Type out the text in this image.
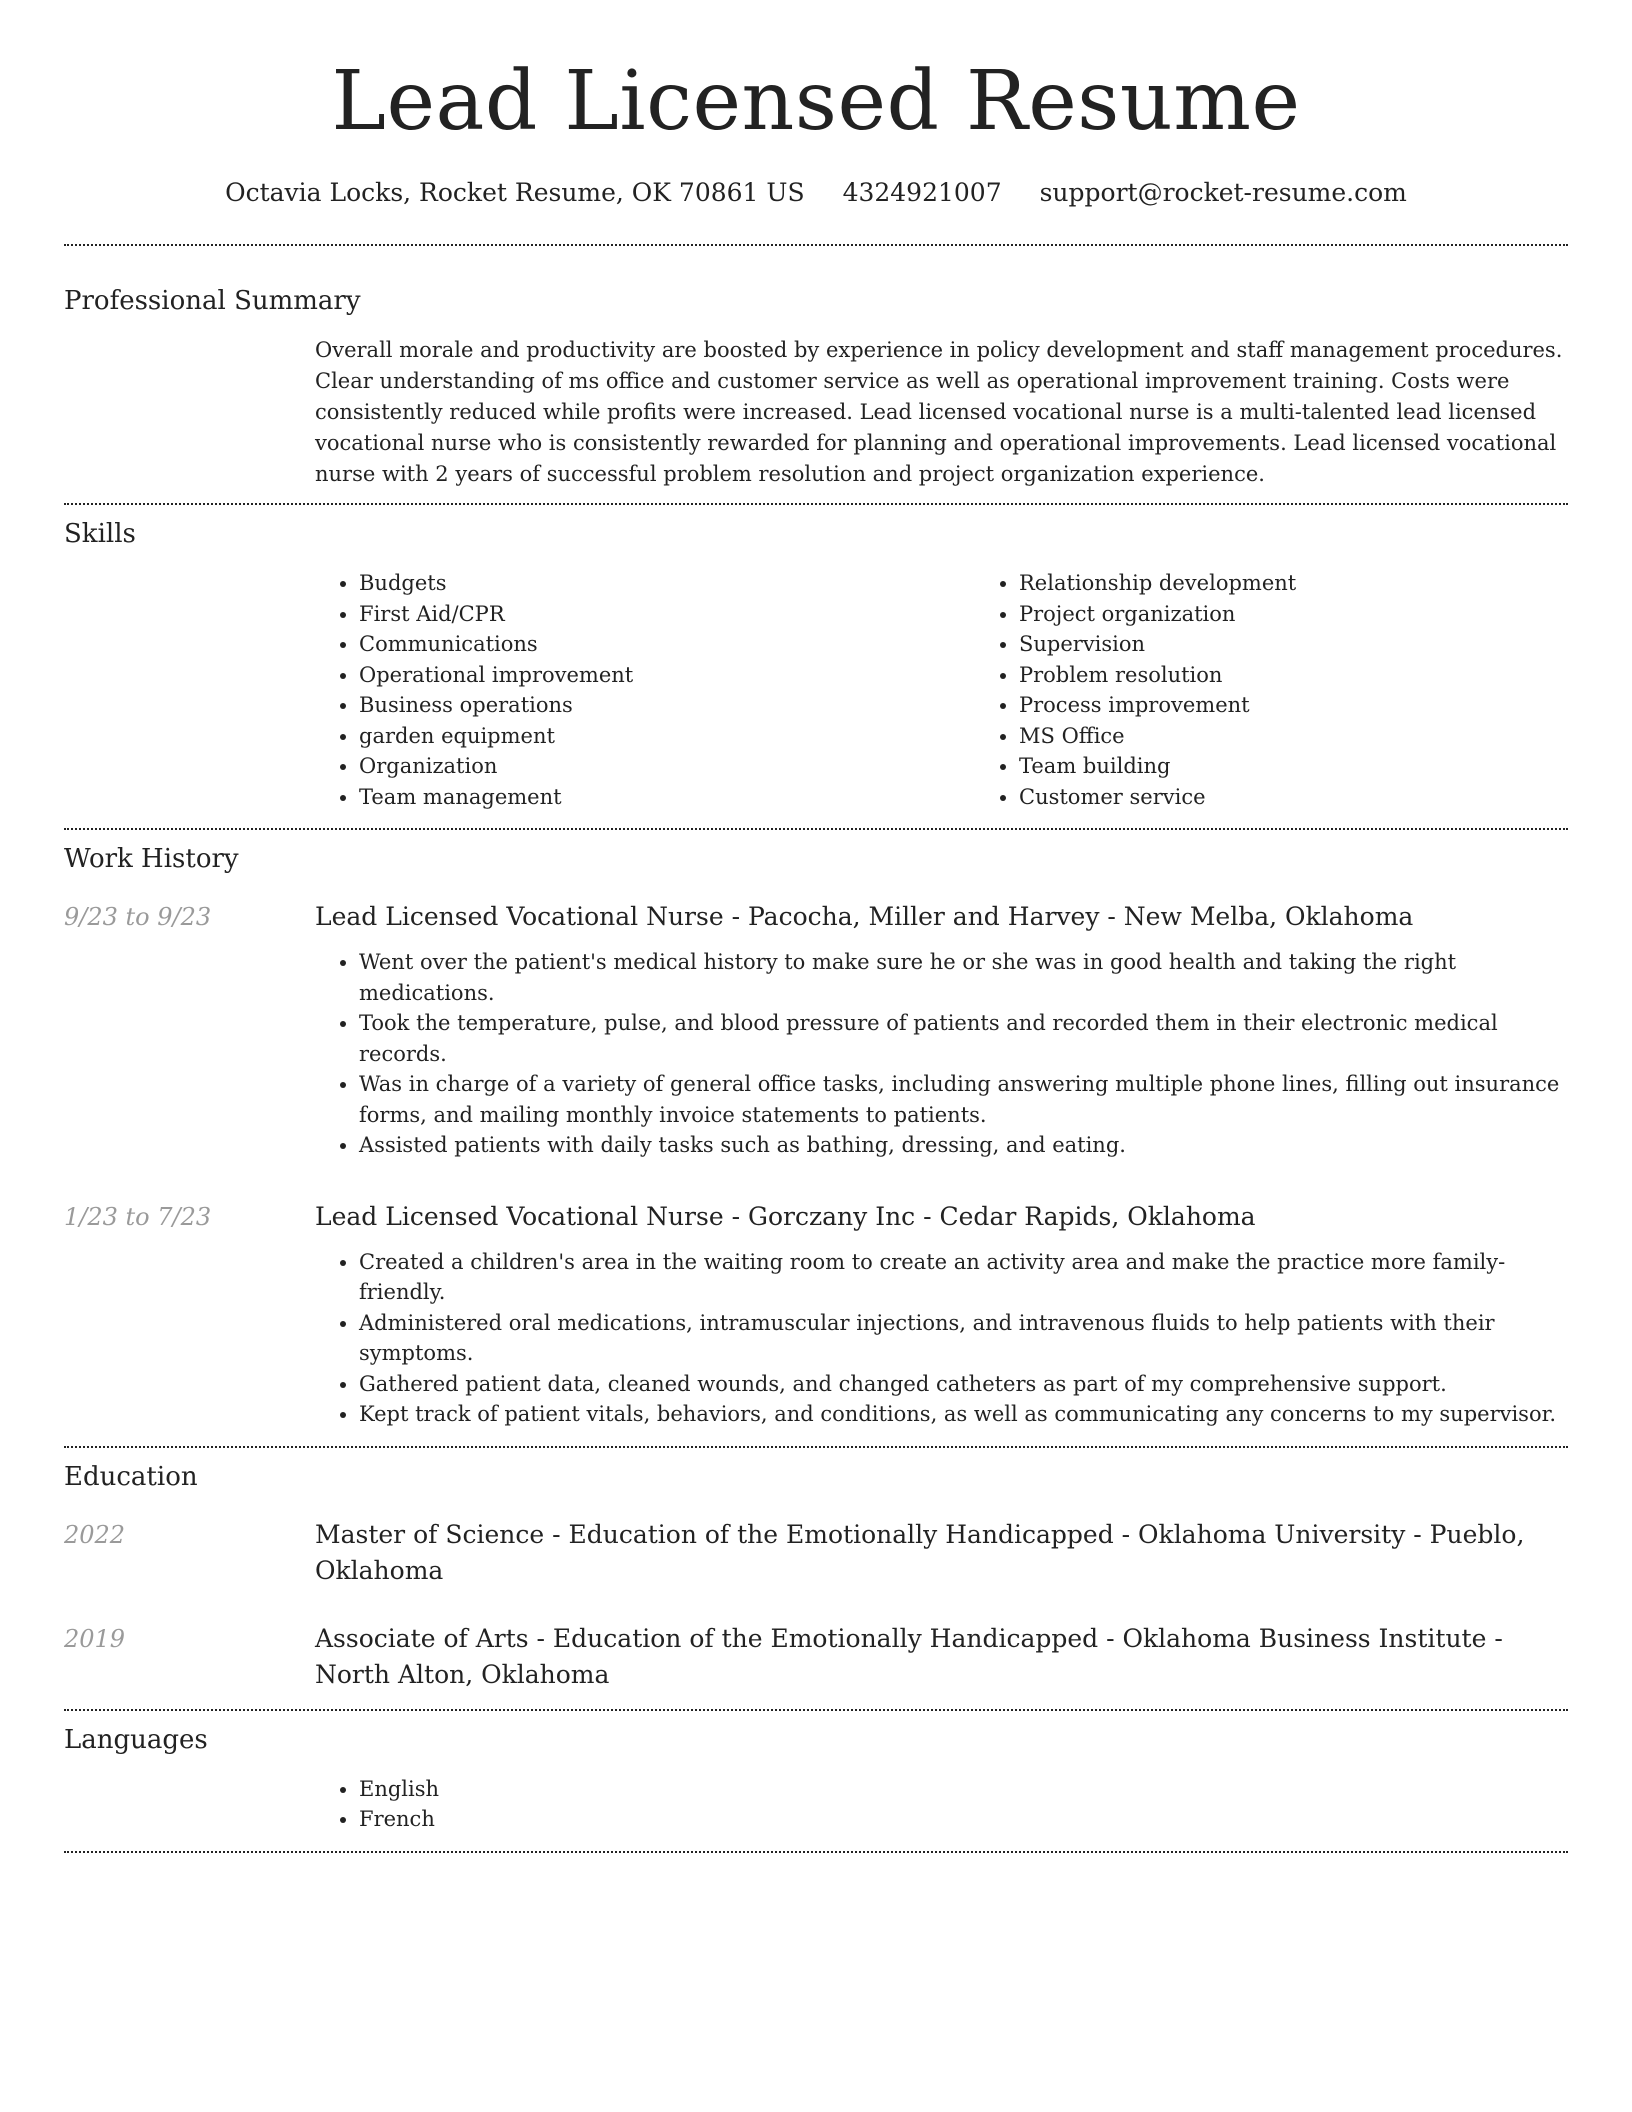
Lead Licensed Resume
Octavia Locks, Rocket Resume, OK 70861 US 4324921007 support@rocket-resume.com
Professional Summary

Overall morale and productivity are boosted by experience in policy development and staff management procedures. Clear understanding of ms office and customer service as well as operational improvement training. Costs were consistently reduced while profits were increased. Lead licensed vocational nurse is a multi-talented lead licensed vocational nurse who is consistently rewarded for planning and operational improvements. Lead licensed vocational nurse with 2 years of successful problem resolution and project organization experience.

Skills
• Budgets
• First Aid/CPR
• Communications
• Operational improvement
• Business operations
• garden equipment
• Organization
• Team management
• Relationship development
• Project organization
• Supervision
• Problem resolution
• Process improvement
• MS Office
• Team building
• Customer service
Work History
9/23 to 9/23	Lead Licensed Vocational Nurse - Pacocha, Miller and Harvey - New Melba, Oklahoma
• Went over the patient's medical history to make sure he or she was in good health and taking the right medications.
• Took the temperature, pulse, and blood pressure of patients and recorded them in their electronic medical records.
• Was in charge of a variety of general office tasks, including answering multiple phone lines, filling out insurance forms, and mailing monthly invoice statements to patients.
• Assisted patients with daily tasks such as bathing, dressing, and eating.
1/23 to 7/23	Lead Licensed Vocational Nurse - Gorczany Inc - Cedar Rapids, Oklahoma
• Created a children's area in the waiting room to create an activity area and make the practice more family-friendly.
• Administered oral medications, intramuscular injections, and intravenous fluids to help patients with their symptoms.
• Gathered patient data, cleaned wounds, and changed catheters as part of my comprehensive support.
• Kept track of patient vitals, behaviors, and conditions, as well as communicating any concerns to my supervisor.
Education
2022	Master of Science - Education of the Emotionally Handicapped - Oklahoma University - Pueblo, Oklahoma
2019	Associate of Arts - Education of the Emotionally Handicapped - Oklahoma Business Institute - North Alton, Oklahoma
Languages
• English
• French
